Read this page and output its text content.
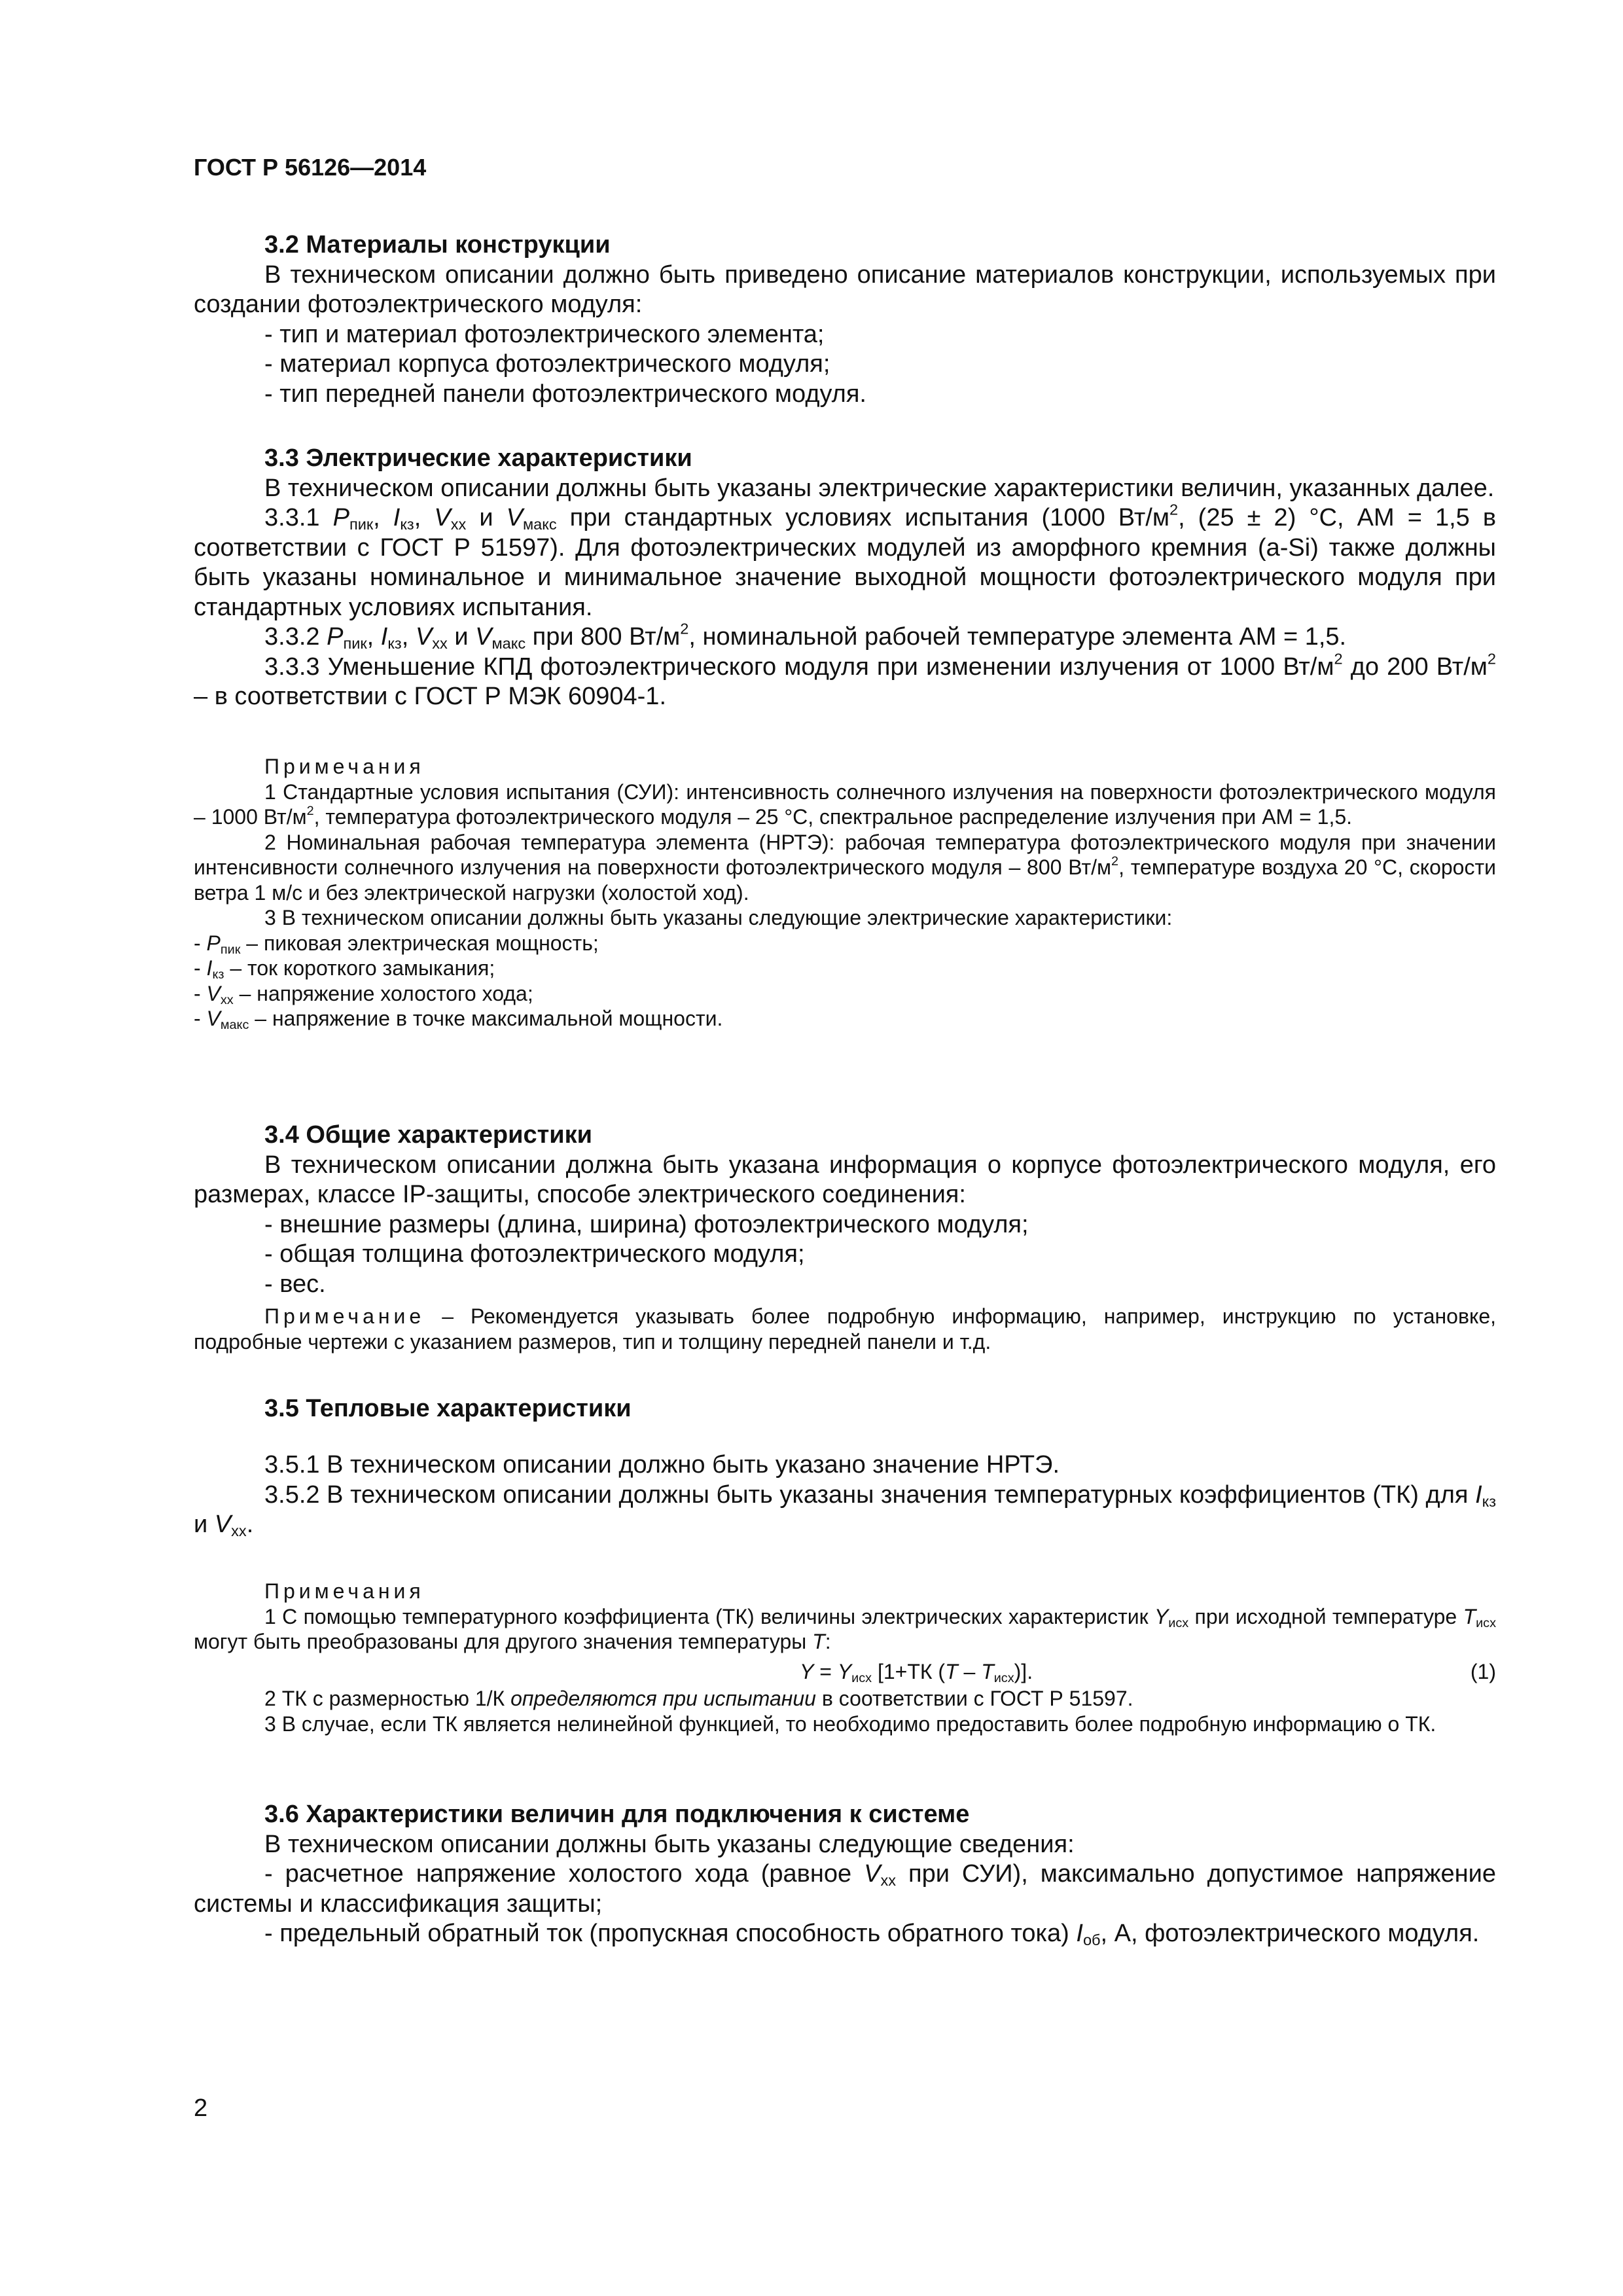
ГОСТ Р 56126—2014

3.2 Материалы конструкции

В техническом описании должно быть приведено описание материалов конструкции, используемых при создании фотоэлектрического модуля:

- тип и материал фотоэлектрического элемента;

- материал корпуса фотоэлектрического модуля;

- тип передней панели фотоэлектрического модуля.

3.3 Электрические характеристики

В техническом описании должны быть указаны электрические характеристики величин, указанных далее.

3.3.1 $P_{пик}$, $I_{кз}$, $V_{хх}$ и $V_{макс}$ при стандартных условиях испытания (1000 $Вт/м^2$, (25 ± 2) °С, АМ = 1,5 в соответствии с ГОСТ Р 51597). Для фотоэлектрических модулей из аморфного кремния (a-Si) также должны быть указаны номинальное и минимальное значение выходной мощности фотоэлектрического модуля при стандартных условиях испытания.

3.3.2 $P_{пик}$, $I_{кз}$, $V_{хх}$ и $V_{макс}$ при 800 $Вт/м^2$, номинальной рабочей температуре элемента АМ = 1,5.

3.3.3 Уменьшение КПД фотоэлектрического модуля при изменении излучения от 1000 $Вт/м^2$ до 200 $Вт/м^2$ – в соответствии с ГОСТ Р МЭК 60904-1.

Примечания

1 Стандартные условия испытания (СУИ): интенсивность солнечного излучения на поверхности фотоэлектрического модуля – 1000 $Вт/м^2$, температура фотоэлектрического модуля – 25 °С, спектральное распределение излучения при АМ = 1,5.

2 Номинальная рабочая температура элемента (НРТЭ): рабочая температура фотоэлектрического модуля при значении интенсивности солнечного излучения на поверхности фотоэлектрического модуля – 800 $Вт/м^2$, температуре воздуха 20 °С, скорости ветра 1 м/с и без электрической нагрузки (холостой ход).

3 В техническом описании должны быть указаны следующие электрические характеристики:

- $P_{пик}$ – пиковая электрическая мощность;

- $I_{кз}$ – ток короткого замыкания;

- $V_{хх}$ – напряжение холостого хода;

- $V_{макс}$ – напряжение в точке максимальной мощности.

3.4 Общие характеристики

В техническом описании должна быть указана информация о корпусе фотоэлектрического модуля, его размерах, классе IP-защиты, способе электрического соединения:

- внешние размеры (длина, ширина) фотоэлектрического модуля;

- общая толщина фотоэлектрического модуля;

- вес.

Примечание – Рекомендуется указывать более подробную информацию, например, инструкцию по установке, подробные чертежи с указанием размеров, тип и толщину передней панели и т.д.

3.5 Тепловые характеристики

3.5.1 В техническом описании должно быть указано значение НРТЭ.

3.5.2 В техническом описании должны быть указаны значения температурных коэффициентов (ТК) для $I_{кз}$ и $V_{хх}$.

Примечания

1 С помощью температурного коэффициента (ТК) величины электрических характеристик $Y_{исх}$ при исходной температуре $T_{исх}$ могут быть преобразованы для другого значения температуры T:

$Y = Y_{исх}$ [1+ТК $(T - T_{исх})$].	(1)

2 ТК с размерностью 1/К определяются при испытании в соответствии с ГОСТ Р 51597.

3 В случае, если ТК является нелинейной функцией, то необходимо предоставить более подробную информацию о ТК.

3.6 Характеристики величин для подключения к системе

В техническом описании должны быть указаны следующие сведения:

- расчетное напряжение холостого хода (равное $V_{хх}$ при СУИ), максимально допустимое напряжение системы и классификация защиты;

- предельный обратный ток (пропускная способность обратного тока) $I_{об}$, А, фотоэлектрического модуля.

2
